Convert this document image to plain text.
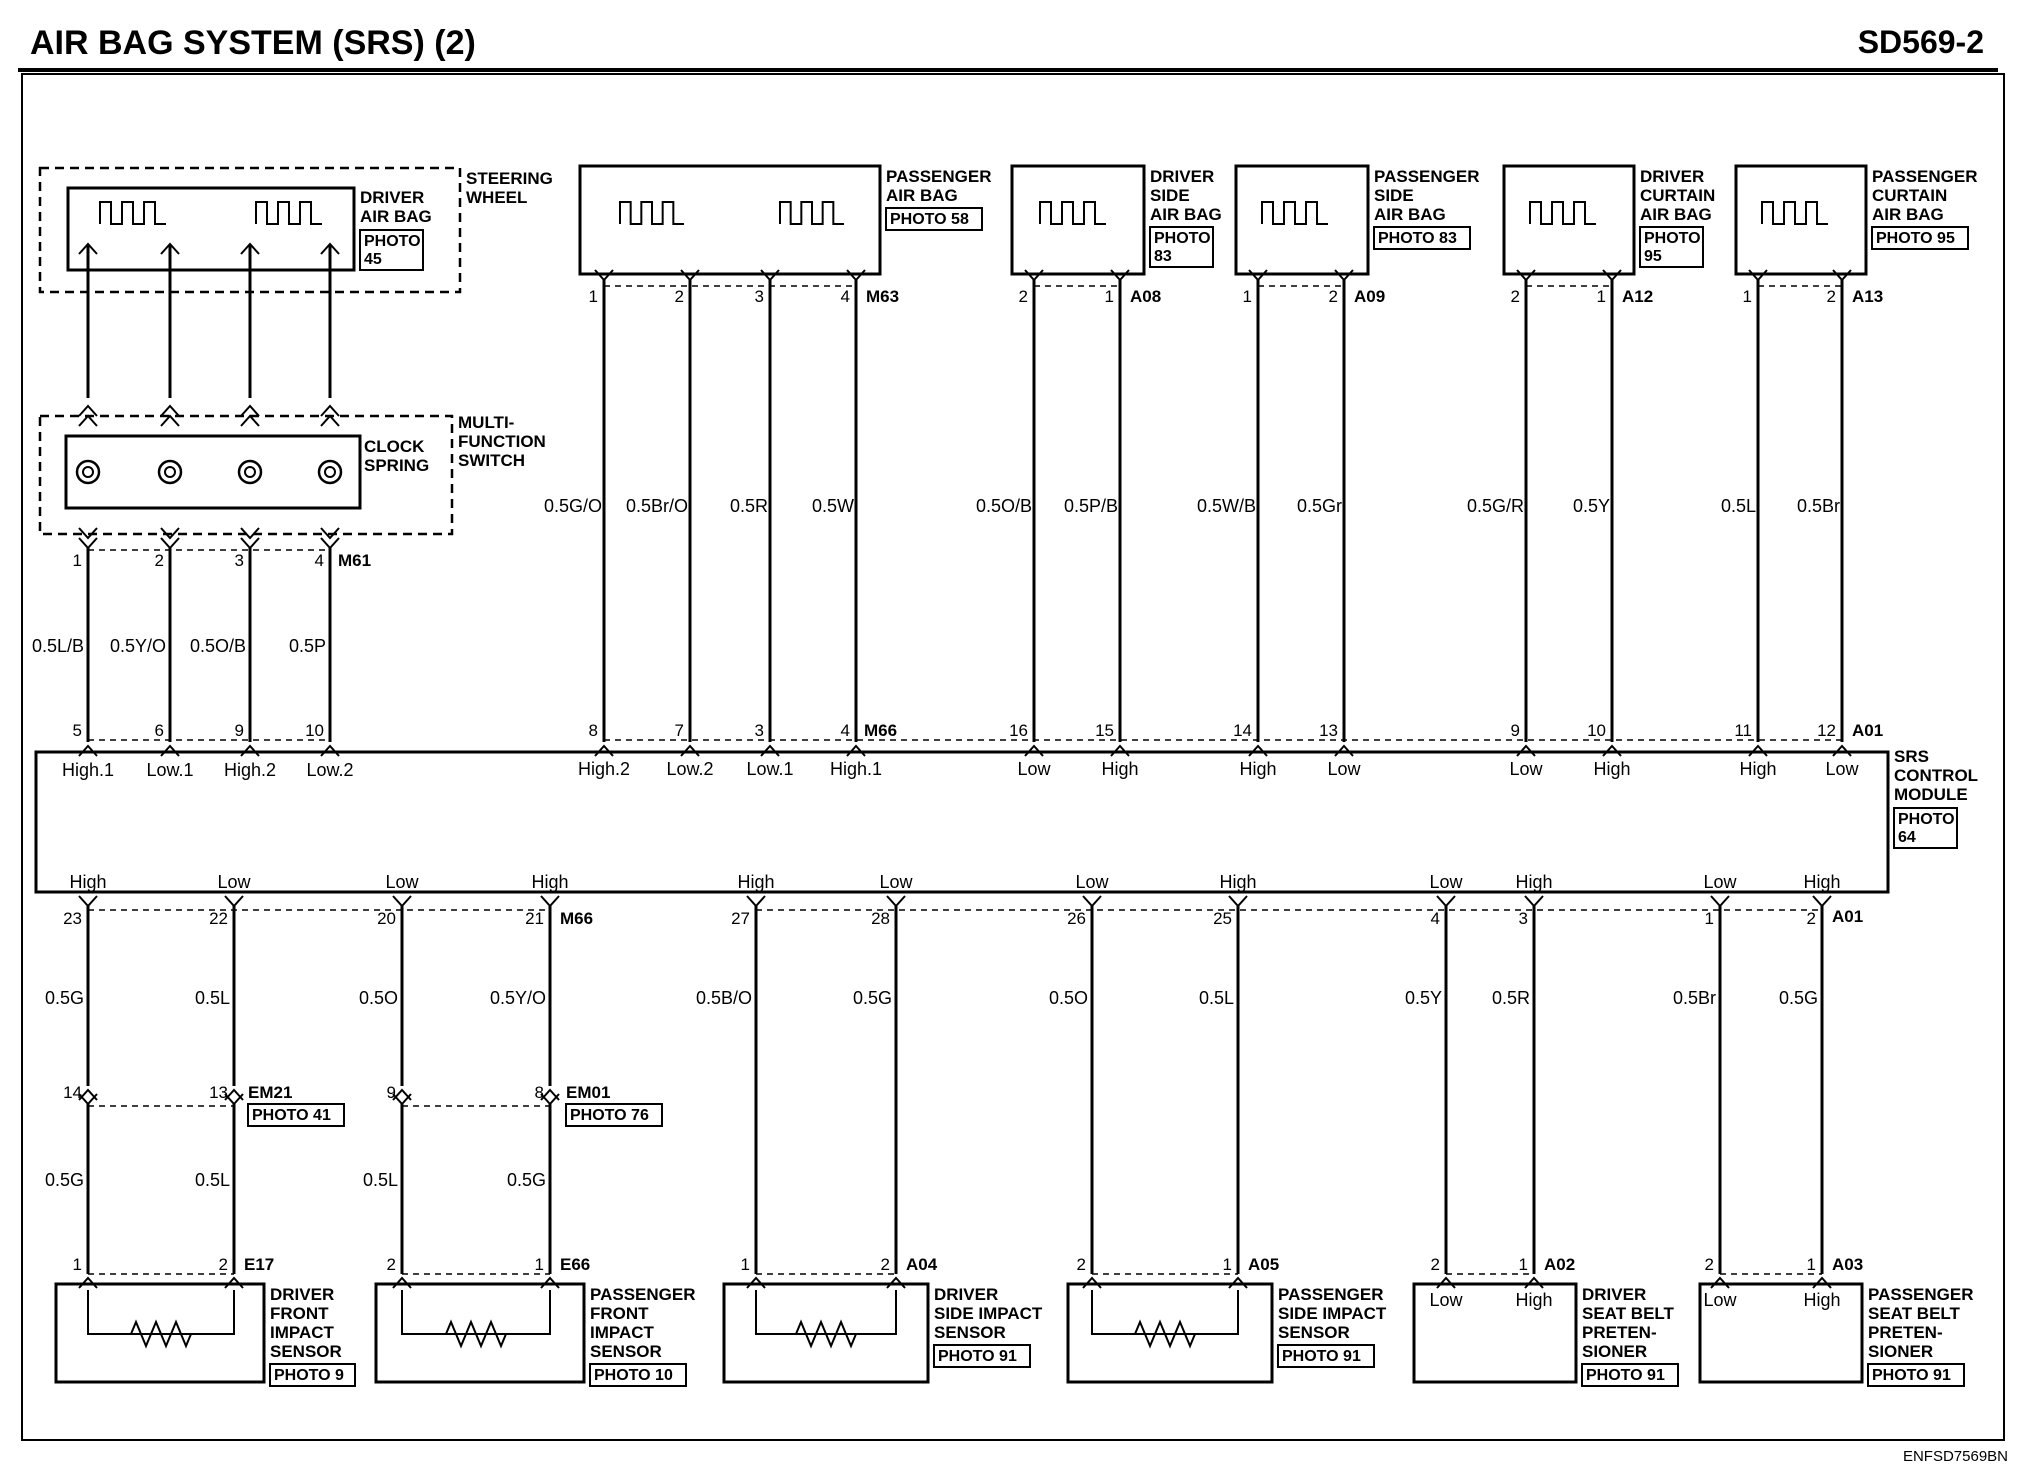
AIR BAG SYSTEM (SRS) (2)	SD569-2
STEERING
WHEEL
DRIVER
AIR BAG
PHOTO
45
MULTI-
FUNCTION
SWITCH
CLOCK
SPRING
1
0.5L/B
5
High.1
2
0.5Y/O
6
Low.1
3
0.5O/B
9
High.2
4
0.5P
10
Low.2
M61
PASSENGER
AIR BAG
PHOTO 58
1
0.5G/O
8
High.2
2
0.5Br/O
7
Low.2
3
0.5R
3
Low.1
4
0.5W
4
High.1
M63
DRIVER
SIDE
AIR BAG
PHOTO
83
2
0.5O/B
16
Low
1
0.5P/B
15
High
A08
PASSENGER
SIDE
AIR BAG
PHOTO 83
1
0.5W/B
14
High
2
0.5Gr
13
Low
A09
DRIVER
CURTAIN
AIR BAG
PHOTO
95
2
0.5G/R
9
Low
1
0.5Y
10
High
A12
PASSENGER
CURTAIN
AIR BAG
PHOTO 95
1
0.5L
11
High
2
0.5Br
12
Low
A13
M66	A01
SRS
CONTROL
MODULE
PHOTO
64
High
23
0.5G
14
0.5G
1
Low
22
0.5L
13
0.5L
2
Low
20
0.5O
9
0.5L
2
High
21
0.5Y/O
8
0.5G
1
High
27
0.5B/O
1
Low
28
0.5G
2
Low
26
0.5O
2
High
25
0.5L
1
Low
4
0.5Y
2
High
3
0.5R
1
Low
1
0.5Br
2
High
2
0.5G
1
M66	A01
EM21
PHOTO 41
EM01
PHOTO 76
E17
DRIVER
FRONT
IMPACT
SENSOR
PHOTO 9
E66
PASSENGER
FRONT
IMPACT
SENSOR
PHOTO 10
A04
DRIVER
SIDE IMPACT
SENSOR
PHOTO 91
A05
PASSENGER
SIDE IMPACT
SENSOR
PHOTO 91
A02
Low	High DRIVER
SEAT BELT
PRETEN-
SIONER
PHOTO 91
A03
Low	High PASSENGER
SEAT BELT
PRETEN-
SIONER
PHOTO 91
ENFSD7569BN
